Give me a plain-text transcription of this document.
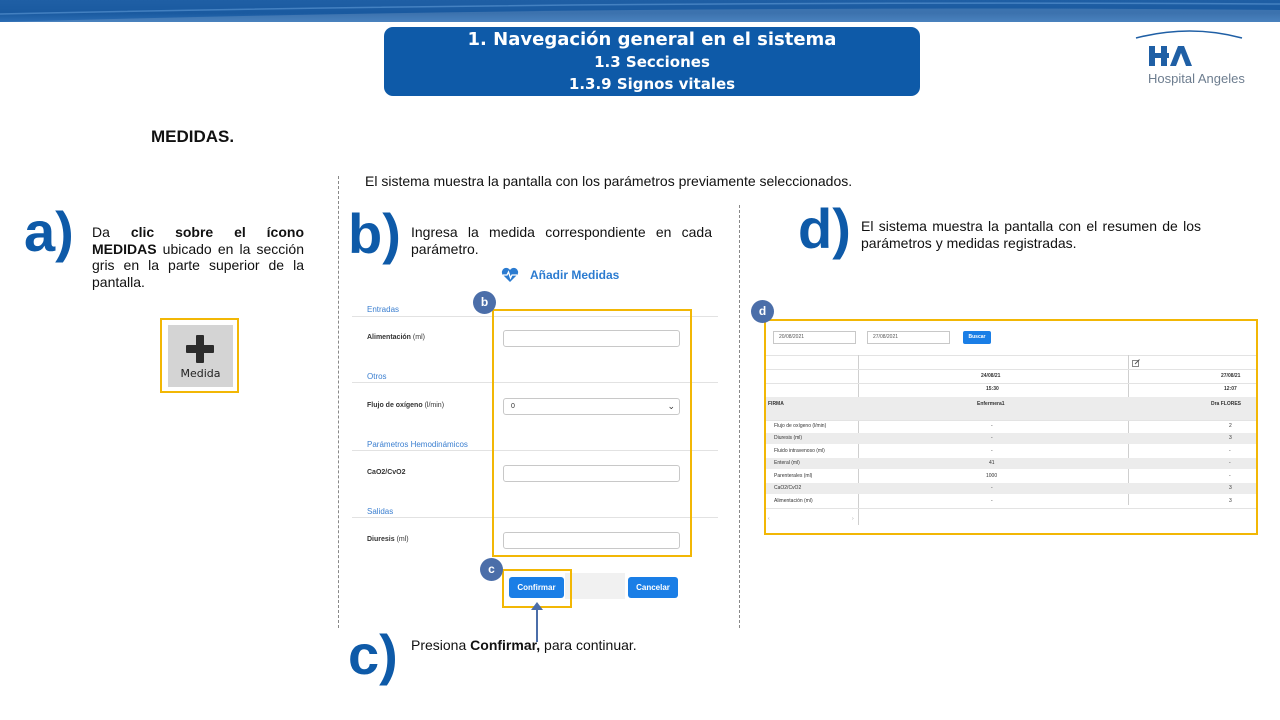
1. Navegación general en el sistema
1.3 Secciones
1.3.9 Signos vitales	Hospital Angeles
MEDIDAS.
El sistema muestra la pantalla con los parámetros previamente seleccionados.
a) Da clic sobre el ícono MEDIDAS ubicado en la sección gris en la parte superior de la pantalla.
Medida
b) Ingresa la medida correspondiente en cada parámetro.
Añadir Medidas
Entradas
Alimentación (ml)
Otros
Flujo de oxígeno (l/min)	0	⌄
Parámetros Hemodinámicos
CaO2/CvO2
Salidas
Diuresis (ml)
b
Confirmar	Cancelar
c
c) Presiona Confirmar, para continuar.
d) El sistema muestra la pantalla con el resumen de los parámetros y medidas registradas.
20/08/2021	27/08/2021	Buscar
24/08/21	27/08/21
15:30	12:07
FIRMA	Enfermera1	Dra FLORES
Flujo de oxígeno (l/min)	-	2
Diuresis (ml)	-	3
Fluido intravenoso (ml)	-	-
Enteral (ml)	41	-
Parenterales (ml)	1000	-
CaO2/CvO2	-	3
Alimentación (ml)	-	3
‹	›
d
